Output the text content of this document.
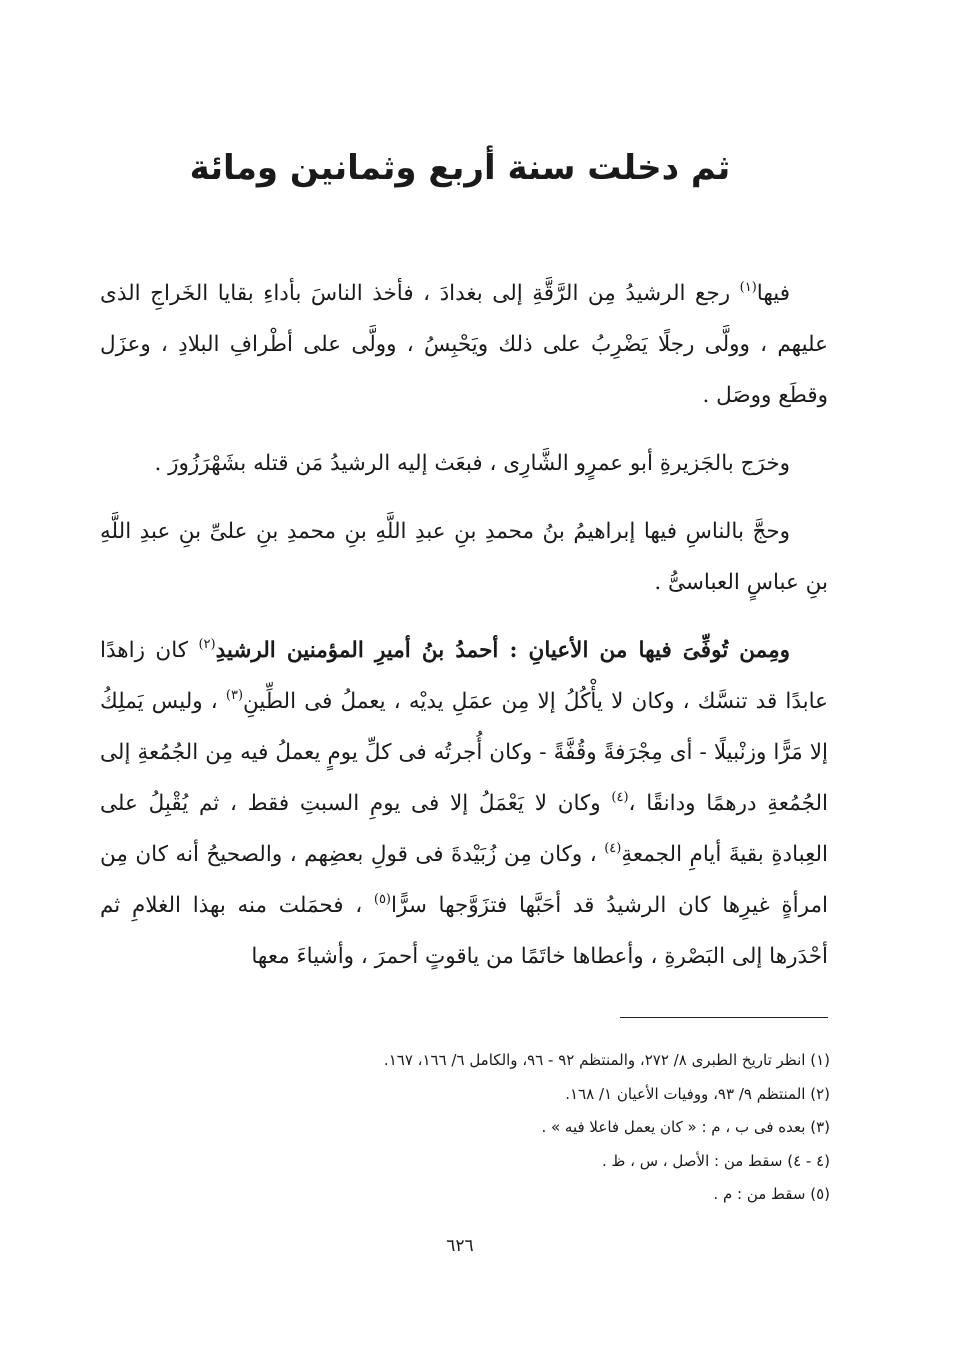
ثم دخلت سنة أربع وثمانين ومائة

فيها$^{(١)}$ رجع الرشيدُ مِن الرَّقَّةِ إلى بغدادَ ، فأخذ الناسَ بأداءِ بقايا الخَراجِ الذى عليهم ، وولَّى رجلًا يَضْرِبُ على ذلك ويَحْبِسُ ، وولَّى على أطْرافِ البلادِ ، وعزَل وقطَع ووصَل .

وخرَج بالجَزيرةِ أبو عمرٍو الشَّارِى ، فبعَث إليه الرشيدُ مَن قتله بشَهْرَزُورَ .

وحجَّ بالناسِ فيها إبراهيمُ بنُ محمدِ بنِ عبدِ اللَّهِ بنِ محمدِ بنِ علىِّ بنِ عبدِ اللَّهِ بنِ عباسٍ العباسىُّ .

ومِمن تُوفِّىَ فيها من الأعيانِ : أحمدُ بنُ أميرِ المؤمنين الرشيدِ$^{(٢)}$ كان زاهدًا عابدًا قد تنسَّك ، وكان لا يأْكُلُ إلا مِن عمَلِ يديْه ، يعملُ فى الطِّينِ$^{(٣)}$ ، وليس يَملِكُ إلا مَرًّا وزنْبيلًا - أى مِجْرَفةً وقُفَّةً - وكان أُجرتُه فى كلِّ يومٍ يعملُ فيه مِن الجُمُعةِ إلى الجُمُعةِ درهمًا ودانقًا ،$^{(٤)}$ وكان لا يَعْمَلُ إلا فى يومِ السبتِ فقط ، ثم يُقْبِلُ على العِبادةِ بقيةَ أيامِ الجمعةِ$^{(٤)}$ ، وكان مِن زُبَيْدةَ فى قولِ بعضِهم ، والصحيحُ أنه كان مِن امرأةٍ غيرِها كان الرشيدُ قد أحَبَّها فتزَوَّجها سرًّا$^{(٥)}$ ، فحمَلت منه بهذا الغلامِ ثم أحْدَرها إلى البَصْرةِ ، وأعطاها خاتَمًا من ياقوتٍ أحمرَ ، وأشياءَ معها

(١) انظر تاريخ الطبرى ٨/ ٢٧٢، والمنتظم ٩٢ - ٩٦، والكامل ٦/ ١٦٦، ١٦٧.
(٢) المنتظم ٩/ ٩٣، ووفيات الأعيان ١/ ١٦٨.
(٣) بعده فى ب ، م : « كان يعمل فاعلا فيه » .
(٤ - ٤) سقط من : الأصل ، س ، ظ .
(٥) سقط من : م .
٦٢٦
